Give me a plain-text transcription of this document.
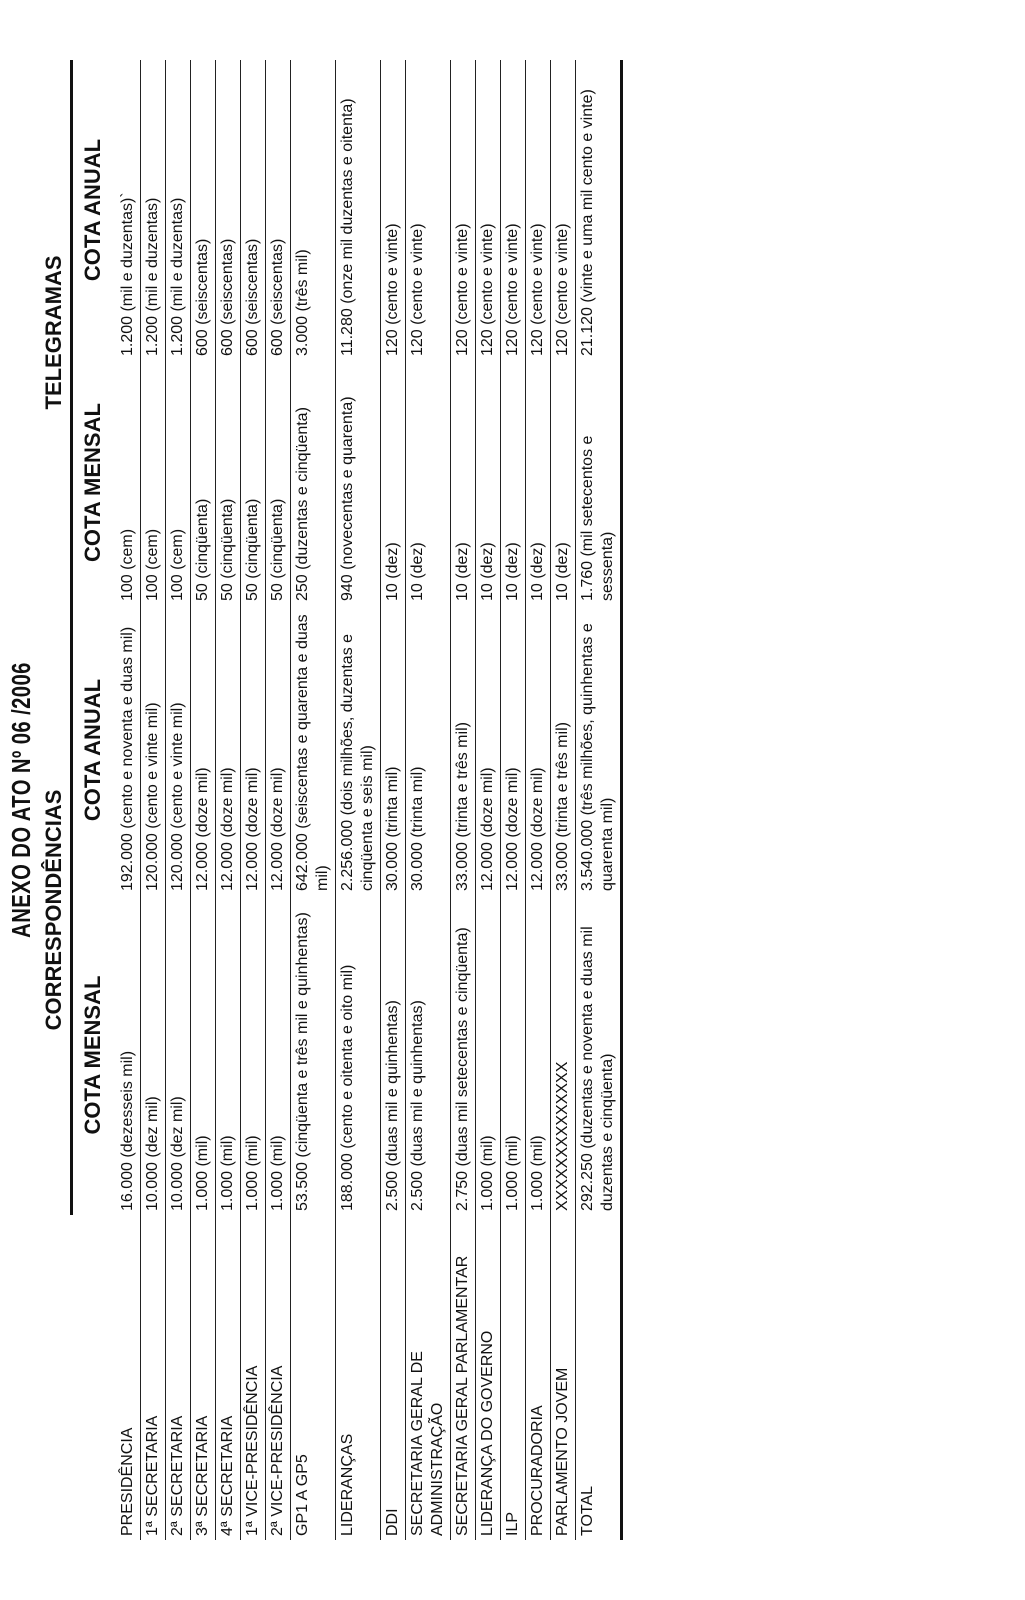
ANEXO DO ATO Nº 06 /2006
	CORRESPONDÊNCIAS		TELEGRAMAS	
	COTA MENSAL	COTA ANUAL	COTA MENSAL	COTA ANUAL
PRESIDÊNCIA	16.000 (dezesseis mil)	192.000 (cento e noventa e duas mil)	100 (cem)	1.200 (mil e duzentas)`
1ª SECRETARIA	10.000 (dez mil)	120.000 (cento e vinte mil)	100 (cem)	1.200 (mil e duzentas)
2ª SECRETARIA	10.000 (dez mil)	120.000 (cento e vinte mil)	100 (cem)	1.200 (mil e duzentas)
3ª SECRETARIA	1.000 (mil)	12.000 (doze mil)	50 (cinqüenta)	600 (seiscentas)
4ª SECRETARIA	1.000 (mil)	12.000 (doze mil)	50 (cinqüenta)	600 (seiscentas)
1ª VICE-PRESIDÊNCIA	1.000 (mil)	12.000 (doze mil)	50 (cinqüenta)	600 (seiscentas)
2ª VICE-PRESIDÊNCIA	1.000 (mil)	12.000 (doze mil)	50 (cinqüenta)	600 (seiscentas)
GP1 A GP5	53.500 (cinqüenta e três mil e quinhentas)	642.000 (seiscentas e quarenta e duas mil)	250 (duzentas e cinqüenta)	3.000 (três mil)
LIDERANÇAS	188.000 (cento e oitenta e oito mil)	2.256.000 (dois milhões, duzentas e cinqüenta e seis mil)	940 (novecentas e quarenta)	11.280 (onze mil duzentas e oitenta)
DDI	2.500 (duas mil e quinhentas)	30.000 (trinta mil)	10 (dez)	120 (cento e vinte)
SECRETARIA GERAL DE ADMINISTRAÇÃO	2.500 (duas mil e quinhentas)	30.000 (trinta mil)	10 (dez)	120 (cento e vinte)
SECRETARIA GERAL PARLAMENTAR	2.750 (duas mil setecentas e cinqüenta)	33.000 (trinta e três mil)	10 (dez)	120 (cento e vinte)
LIDERANÇA DO GOVERNO	1.000 (mil)	12.000 (doze mil)	10 (dez)	120 (cento e vinte)
ILP	1.000 (mil)	12.000 (doze mil)	10 (dez)	120 (cento e vinte)
PROCURADORIA	1.000 (mil)	12.000 (doze mil)	10 (dez)	120 (cento e vinte)
PARLAMENTO JOVEM	XXXXXXXXXXXXXX	33.000 (trinta e três mil)	10 (dez)	120 (cento e vinte)
TOTAL	292.250 (duzentas e noventa e duas mil duzentas e cinqüenta)	3.540.000 (três milhões, quinhentas e quarenta mil)	1.760 (mil setecentos e sessenta)	21.120 (vinte e uma mil cento e vinte)
